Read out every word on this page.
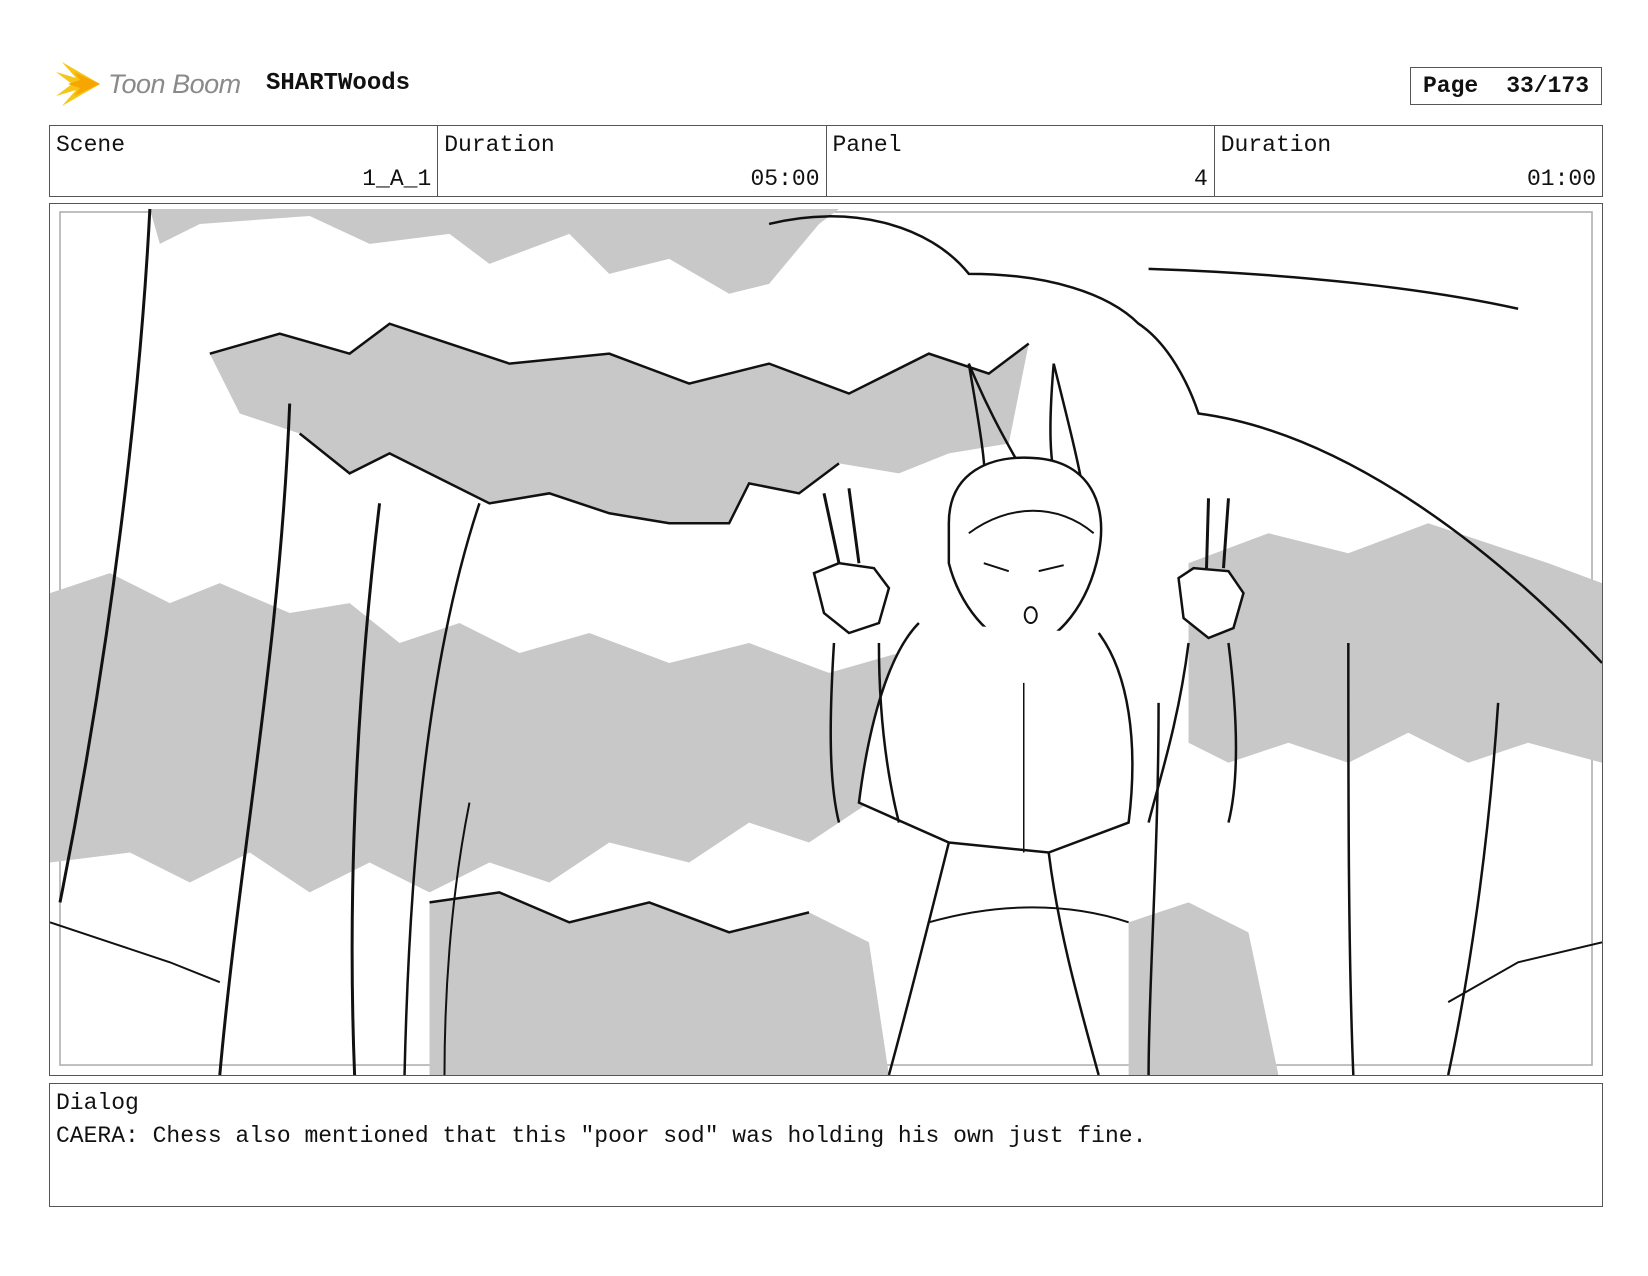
Toon Boom SHARTWoods	Page 33/173
Scene
1_A_1
Duration
05:00
Panel
4
Duration
01:00
Dialog
CAERA: Chess also mentioned that this "poor sod" was holding his own just fine.
